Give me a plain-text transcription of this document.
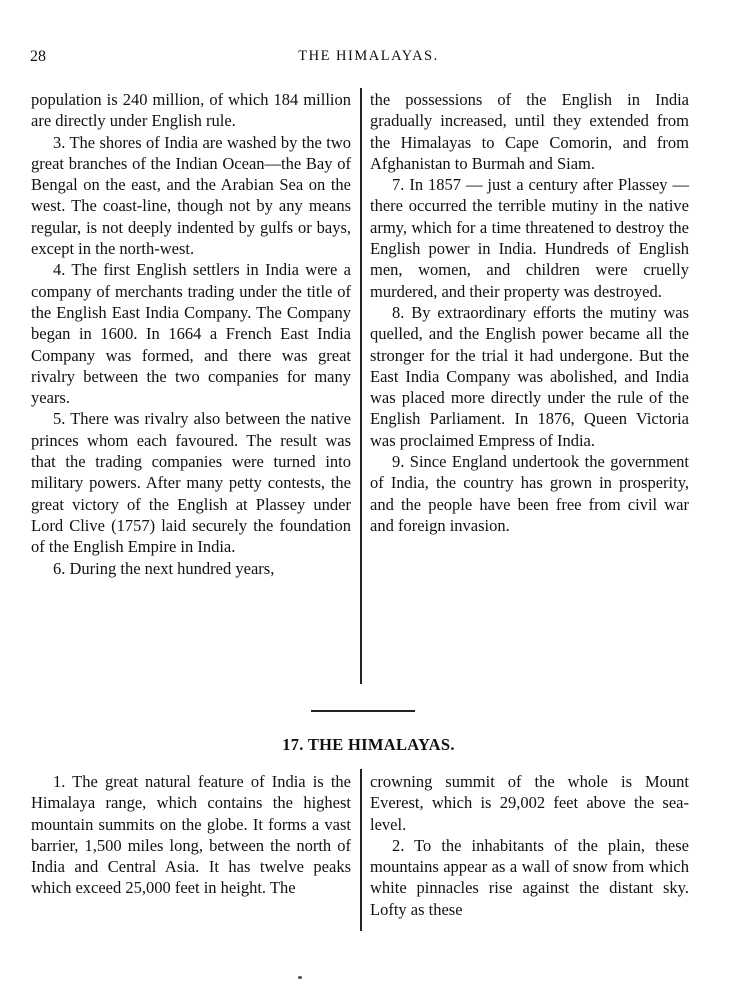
28	THE HIMALAYAS.

population is 240 million, of which 184 million are directly under English rule.

3. The shores of India are washed by the two great branches of the Indian Ocean—the Bay of Bengal on the east, and the Arabian Sea on the west. The coast-line, though not by any means regular, is not deeply indented by gulfs or bays, except in the north-west.

4. The first English settlers in India were a company of merchants trading under the title of the English East India Company. The Company began in 1600. In 1664 a French East India Company was formed, and there was great rivalry between the two companies for many years.

5. There was rivalry also between the native princes whom each favoured. The result was that the trading companies were turned into military powers. After many petty contests, the great victory of the English at Plassey under Lord Clive (1757) laid securely the foundation of the English Empire in India.

6. During the next hundred years,

the possessions of the English in India gradually increased, until they extended from the Himalayas to Cape Comorin, and from Afghanistan to Burmah and Siam.

7. In 1857 — just a century after Plassey — there occurred the terrible mutiny in the native army, which for a time threatened to destroy the English power in India. Hundreds of English men, women, and children were cruelly murdered, and their property was destroyed.

8. By extraordinary efforts the mutiny was quelled, and the English power became all the stronger for the trial it had undergone. But the East India Company was abolished, and India was placed more directly under the rule of the English Parliament. In 1876, Queen Victoria was proclaimed Empress of India.

9. Since England undertook the government of India, the country has grown in prosperity, and the people have been free from civil war and foreign invasion.

17. THE HIMALAYAS.

1. The great natural feature of India is the Himalaya range, which contains the highest mountain summits on the globe. It forms a vast barrier, 1,500 miles long, between the north of India and Central Asia. It has twelve peaks which exceed 25,000 feet in height. The

crowning summit of the whole is Mount Everest, which is 29,002 feet above the sea-level.

2. To the inhabitants of the plain, these mountains appear as a wall of snow from which white pinnacles rise against the distant sky. Lofty as these
